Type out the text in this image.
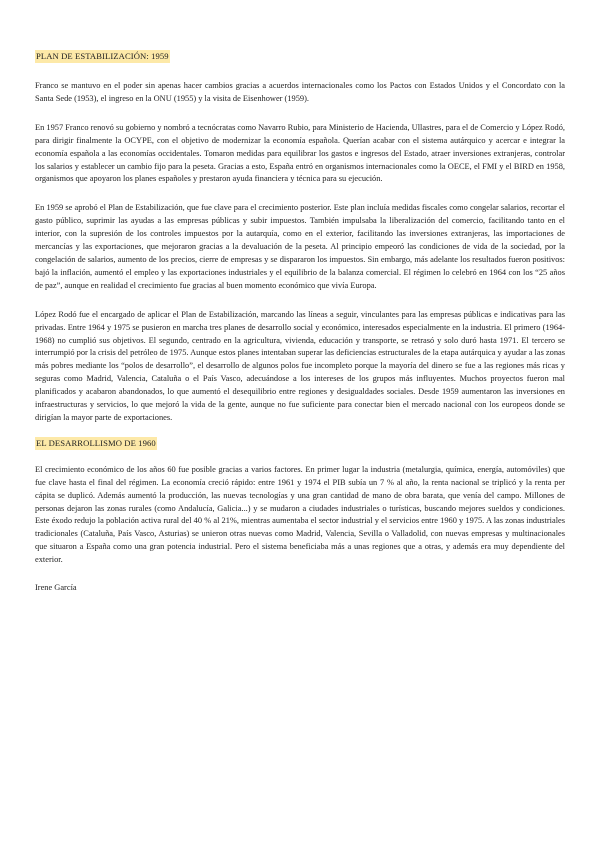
PLAN DE ESTABILIZACIÓN: 1959

Franco se mantuvo en el poder sin apenas hacer cambios gracias a acuerdos internacionales como los Pactos con Estados Unidos y el Concordato con la Santa Sede (1953), el ingreso en la ONU (1955) y la visita de Eisenhower (1959).

En 1957 Franco renovó su gobierno y nombró a tecnócratas como Navarro Rubio, para Ministerio de Hacienda, Ullastres, para el de Comercio y López Rodó, para dirigir finalmente la OCYPE, con el objetivo de modernizar la economía española. Querían acabar con el sistema autárquico y acercar e integrar la economía española a las economías occidentales. Tomaron medidas para equilibrar los gastos e ingresos del Estado, atraer inversiones extranjeras, controlar los salarios y establecer un cambio fijo para la peseta. Gracias a esto, España entró en organismos internacionales como la OECE, el FMI y el BIRD en 1958, organismos que apoyaron los planes españoles y prestaron ayuda financiera y técnica para su ejecución.

En 1959 se aprobó el Plan de Estabilización, que fue clave para el crecimiento posterior. Este plan incluía medidas fiscales como congelar salarios, recortar el gasto público, suprimir las ayudas a las empresas públicas y subir impuestos. También impulsaba la liberalización del comercio, facilitando tanto en el interior, con la supresión de los controles impuestos por la autarquía, como en el exterior, facilitando las inversiones extranjeras, las importaciones de mercancías y las exportaciones, que mejoraron gracias a la devaluación de la peseta. Al principio empeoró las condiciones de vida de la sociedad, por la congelación de salarios, aumento de los precios, cierre de empresas y se dispararon los impuestos. Sin embargo, más adelante los resultados fueron positivos: bajó la inflación, aumentó el empleo y las exportaciones industriales y el equilibrio de la balanza comercial. El régimen lo celebró en 1964 con los “25 años de paz”, aunque en realidad el crecimiento fue gracias al buen momento económico que vivía Europa.

López Rodó fue el encargado de aplicar el Plan de Estabilización, marcando las líneas a seguir, vinculantes para las empresas públicas e indicativas para las privadas. Entre 1964 y 1975 se pusieron en marcha tres planes de desarrollo social y económico, interesados especialmente en la industria. El primero (1964-1968) no cumplió sus objetivos. El segundo, centrado en la agricultura, vivienda, educación y transporte, se retrasó y solo duró hasta 1971. El tercero se interrumpió por la crisis del petróleo de 1975. Aunque estos planes intentaban superar las deficiencias estructurales de la etapa autárquica y ayudar a las zonas más pobres mediante los “polos de desarrollo”, el desarrollo de algunos polos fue incompleto porque la mayoría del dinero se fue a las regiones más ricas y seguras como Madrid, Valencia, Cataluña o el País Vasco, adecuándose a los intereses de los grupos más influyentes. Muchos proyectos fueron mal planificados y acabaron abandonados, lo que aumentó el desequilibrio entre regiones y desigualdades sociales. Desde 1959 aumentaron las inversiones en infraestructuras y servicios, lo que mejoró la vida de la gente, aunque no fue suficiente para conectar bien el mercado nacional con los europeos donde se dirigían la mayor parte de exportaciones.

EL DESARROLLISMO DE 1960

El crecimiento económico de los años 60 fue posible gracias a varios factores. En primer lugar la industria (metalurgia, química, energía, automóviles) que fue clave hasta el final del régimen. La economía creció rápido: entre 1961 y 1974 el PIB subía un 7 % al año, la renta nacional se triplicó y la renta per cápita se duplicó. Además aumentó la producción, las nuevas tecnologías y una gran cantidad de mano de obra barata, que venía del campo. Millones de personas dejaron las zonas rurales (como Andalucía, Galicia...) y se mudaron a ciudades industriales o turísticas, buscando mejores sueldos y condiciones. Este éxodo redujo la población activa rural del 40 % al 21%, mientras aumentaba el sector industrial y el servicios entre 1960 y 1975. A las zonas industriales tradicionales (Cataluña, País Vasco, Asturias) se unieron otras nuevas como Madrid, Valencia, Sevilla o Valladolid, con nuevas empresas y multinacionales que situaron a España como una gran potencia industrial. Pero el sistema beneficiaba más a unas regiones que a otras, y además era muy dependiente del exterior.

Irene García
